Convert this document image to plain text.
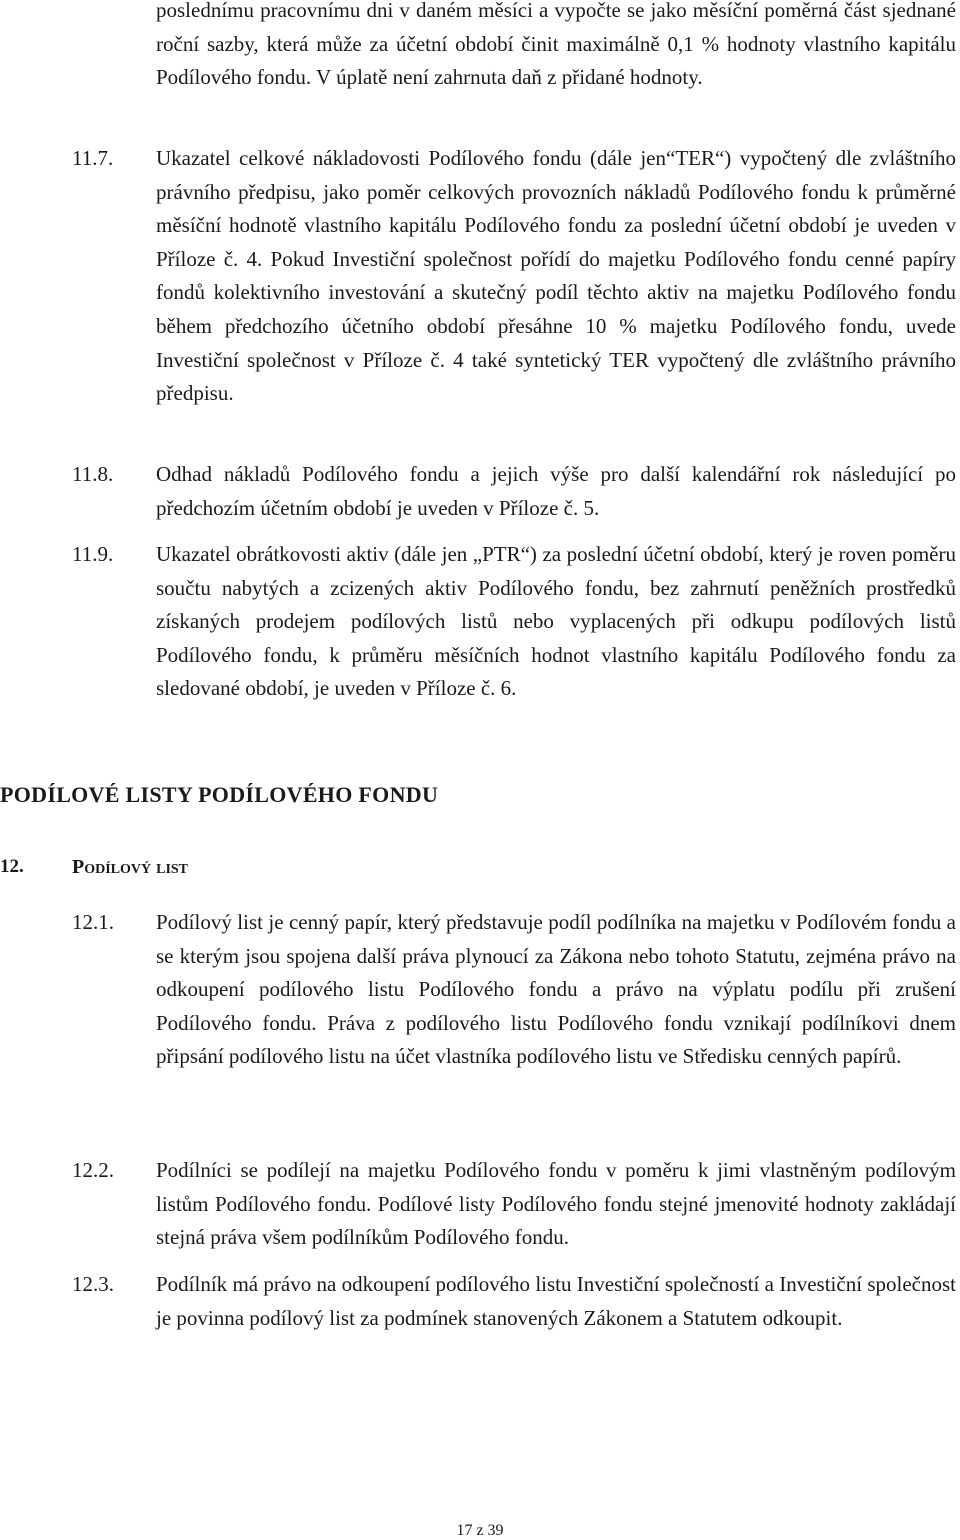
poslednímu pracovnímu dni v daném měsíci a vypočte se jako měsíční poměrná část sjednané roční sazby, která může za účetní období činit maximálně 0,1 % hodnoty vlastního kapitálu Podílového fondu. V úplatě není zahrnuta daň z přidané hodnoty.
11.7. Ukazatel celkové nákladovosti Podílového fondu (dále jen“TER“) vypočtený dle zvláštního právního předpisu, jako poměr celkových provozních nákladů Podílového fondu k průměrné měsíční hodnotě vlastního kapitálu Podílového fondu za poslední účetní období je uveden v Příloze č. 4. Pokud Investiční společnost pořídí do majetku Podílového fondu cenné papíry fondů kolektivního investování a skutečný podíl těchto aktiv na majetku Podílového fondu během předchozího účetního období přesáhne 10 % majetku Podílového fondu, uvede Investiční společnost v Příloze č. 4 také syntetický TER vypočtený dle zvláštního právního předpisu.
11.8. Odhad nákladů Podílového fondu a jejich výše pro další kalendářní rok následující po předchozím účetním období je uveden v Příloze č. 5.
11.9. Ukazatel obrátkovosti aktiv (dále jen „PTR“) za poslední účetní období, který je roven poměru součtu nabytých a zcizených aktiv Podílového fondu, bez zahrnutí peněžních prostředků získaných prodejem podílových listů nebo vyplacených při odkupu podílových listů Podílového fondu, k průměru měsíčních hodnot vlastního kapitálu Podílového fondu za sledované období, je uveden v Příloze č. 6.
PODÍLOVÉ LISTY PODÍLOVÉHO FONDU
12. Podílový list
12.1. Podílový list je cenný papír, který představuje podíl podílníka na majetku v Podílovém fondu a se kterým jsou spojena další práva plynoucí za Zákona nebo tohoto Statutu, zejména právo na odkoupení podílového listu Podílového fondu a právo na výplatu podílu při zrušení Podílového fondu. Práva z podílového listu Podílového fondu vznikají podílníkovi dnem připsání podílového listu na účet vlastníka podílového listu ve Středisku cenných papírů.
12.2. Podílníci se podílejí na majetku Podílového fondu v poměru k jimi vlastněným podílovým listům Podílového fondu. Podílové listy Podílového fondu stejné jmenovité hodnoty zakládají stejná práva všem podílníkům Podílového fondu.
12.3. Podílník má právo na odkoupení podílového listu Investiční společností a Investiční společnost je povinna podílový list za podmínek stanovených Zákonem a Statutem odkoupit.
17 z 39
